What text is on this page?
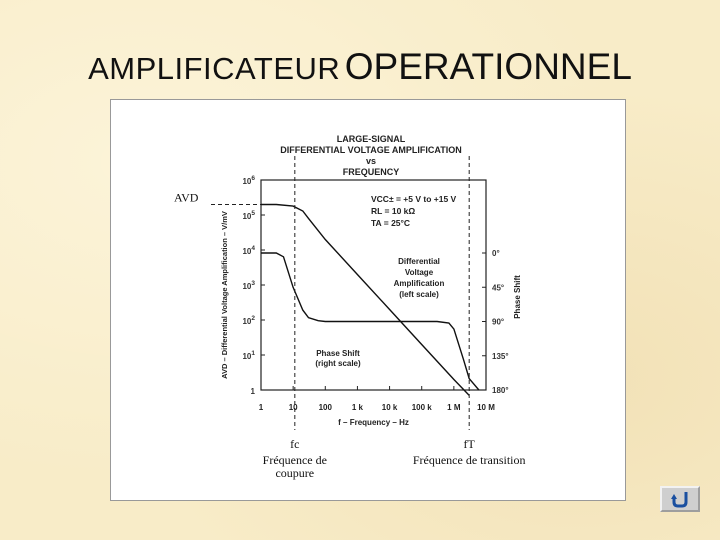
AMPLIFICATEUR OPERATIONNEL
LARGE-SIGNAL
DIFFERENTIAL VOLTAGE AMPLIFICATION
vs
FREQUENCY
1	10	100 1 k 10 k 100 k 1 M 10 M
1
$10^1$
$10^2$
$10^3$
$10^4$
$10^5$
$10^6$
0°
45°
90°
135°
180°
f – Frequency – Hz
AVD – Differential Voltage Amplification – V/mV	Phase Shift
VCC± = +5 V to +15 V
RL = 10 kΩ
TA = 25°C
Differential
Voltage
Amplification
(left scale)
Phase Shift
(right scale)
AVD
fc
Fréquence de
coupure
fT
Fréquence de transition
